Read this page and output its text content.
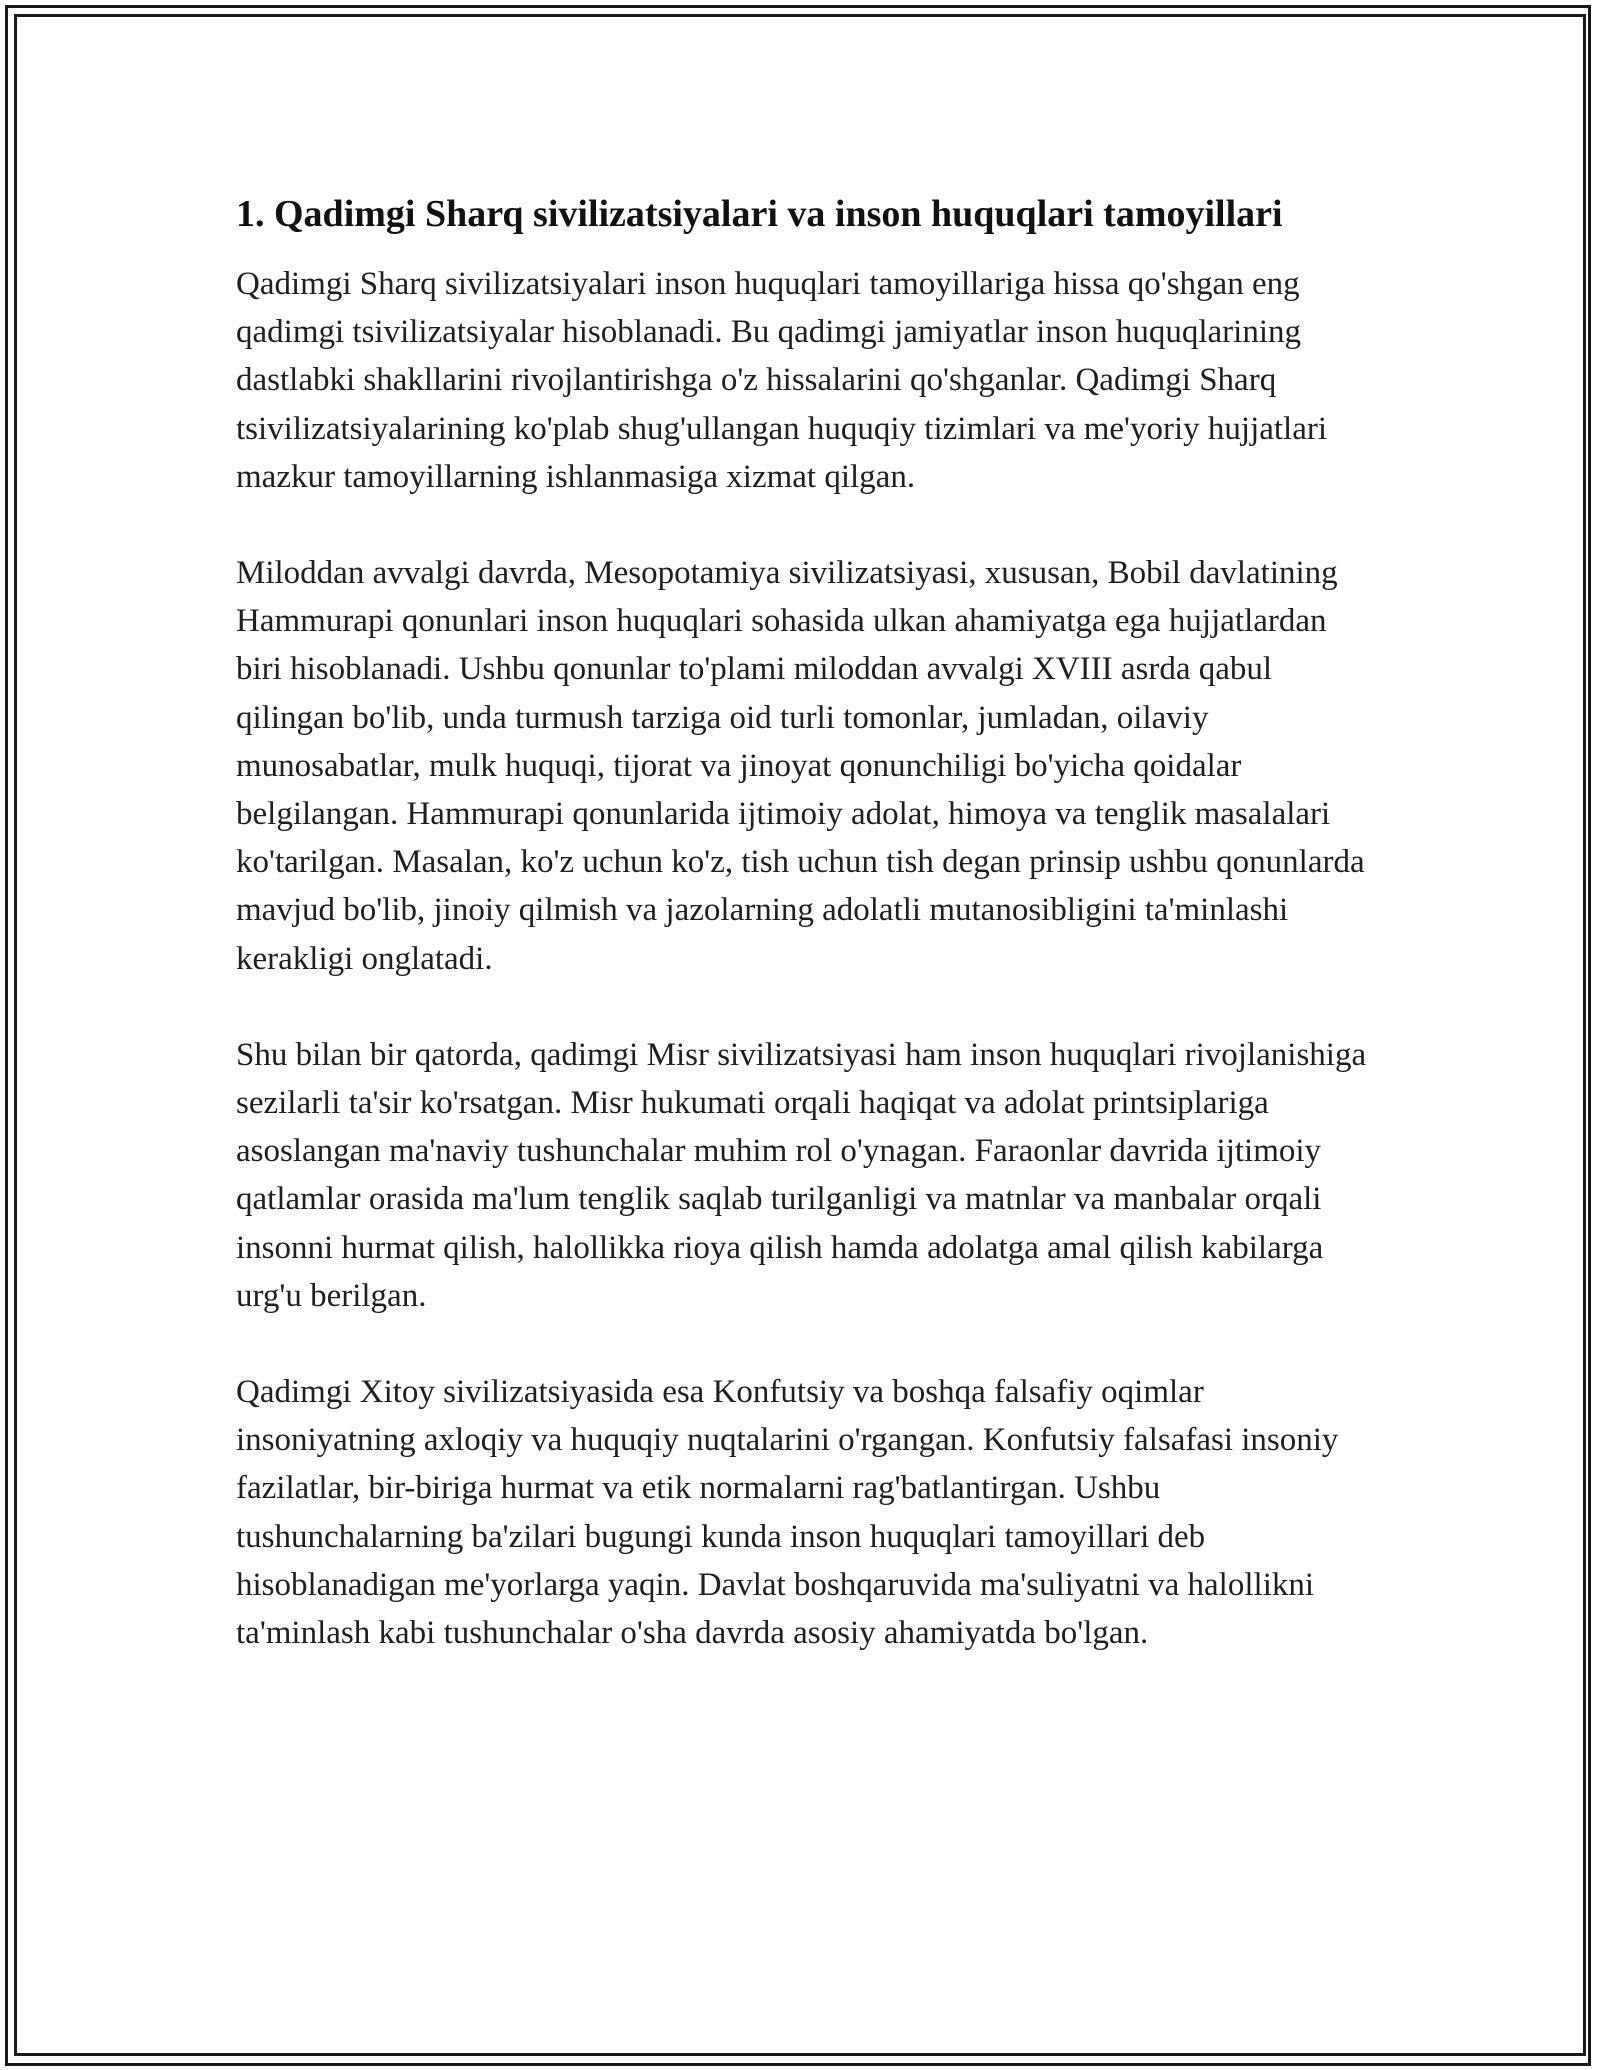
1. Qadimgi Sharq sivilizatsiyalari va inson huquqlari tamoyillari

Qadimgi Sharq sivilizatsiyalari inson huquqlari tamoyillariga hissa qo'shgan eng qadimgi tsivilizatsiyalar hisoblanadi. Bu qadimgi jamiyatlar inson huquqlarining dastlabki shakllarini rivojlantirishga o'z hissalarini qo'shganlar. Qadimgi Sharq tsivilizatsiyalarining ko'plab shug'ullangan huquqiy tizimlari va me'yoriy hujjatlari mazkur tamoyillarning ishlanmasiga xizmat qilgan.

Miloddan avvalgi davrda, Mesopotamiya sivilizatsiyasi, xususan, Bobil davlatining Hammurapi qonunlari inson huquqlari sohasida ulkan ahamiyatga ega hujjatlardan biri hisoblanadi. Ushbu qonunlar to'plami miloddan avvalgi XVIII asrda qabul qilingan bo'lib, unda turmush tarziga oid turli tomonlar, jumladan, oilaviy munosabatlar, mulk huquqi, tijorat va jinoyat qonunchiligi bo'yicha qoidalar belgilangan. Hammurapi qonunlarida ijtimoiy adolat, himoya va tenglik masalalari ko'tarilgan. Masalan, ko'z uchun ko'z, tish uchun tish degan prinsip ushbu qonunlarda mavjud bo'lib, jinoiy qilmish va jazolarning adolatli mutanosibligini ta'minlashi kerakligi onglatadi.

Shu bilan bir qatorda, qadimgi Misr sivilizatsiyasi ham inson huquqlari rivojlanishiga sezilarli ta'sir ko'rsatgan. Misr hukumati orqali haqiqat va adolat printsiplariga asoslangan ma'naviy tushunchalar muhim rol o'ynagan. Faraonlar davrida ijtimoiy qatlamlar orasida ma'lum tenglik saqlab turilganligi va matnlar va manbalar orqali insonni hurmat qilish, halollikka rioya qilish hamda adolatga amal qilish kabilarga urg'u berilgan.

Qadimgi Xitoy sivilizatsiyasida esa Konfutsiy va boshqa falsafiy oqimlar insoniyatning axloqiy va huquqiy nuqtalarini o'rgangan. Konfutsiy falsafasi insoniy fazilatlar, bir-biriga hurmat va etik normalarni rag'batlantirgan. Ushbu tushunchalarning ba'zilari bugungi kunda inson huquqlari tamoyillari deb hisoblanadigan me'yorlarga yaqin. Davlat boshqaruvida ma'suliyatni va halollikni ta'minlash kabi tushunchalar o'sha davrda asosiy ahamiyatda bo'lgan.
